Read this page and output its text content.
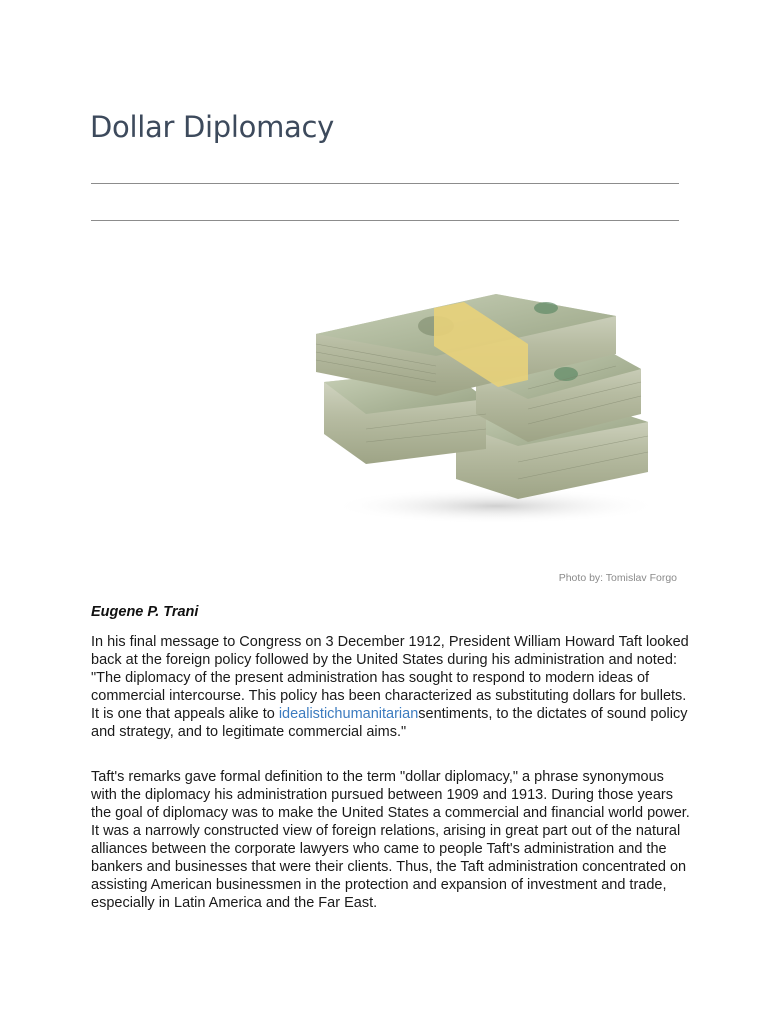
Dollar Diplomacy
Photo by: Tomislav Forgo

Eugene P. Trani

In his final message to Congress on 3 December 1912, President William Howard Taft looked back at the foreign policy followed by the United States during his administration and noted: "The diplomacy of the present administration has sought to respond to modern ideas of commercial intercourse. This policy has been characterized as substituting dollars for bullets. It is one that appeals alike to idealistichumanitariansentiments, to the dictates of sound policy and strategy, and to legitimate commercial aims."

Taft's remarks gave formal definition to the term "dollar diplomacy," a phrase synonymous with the diplomacy his administration pursued between 1909 and 1913. During those years the goal of diplomacy was to make the United States a commercial and financial world power. It was a narrowly constructed view of foreign relations, arising in great part out of the natural alliances between the corporate lawyers who came to people Taft's administration and the bankers and businesses that were their clients. Thus, the Taft administration concentrated on assisting American businessmen in the protection and expansion of investment and trade, especially in Latin America and the Far East.
